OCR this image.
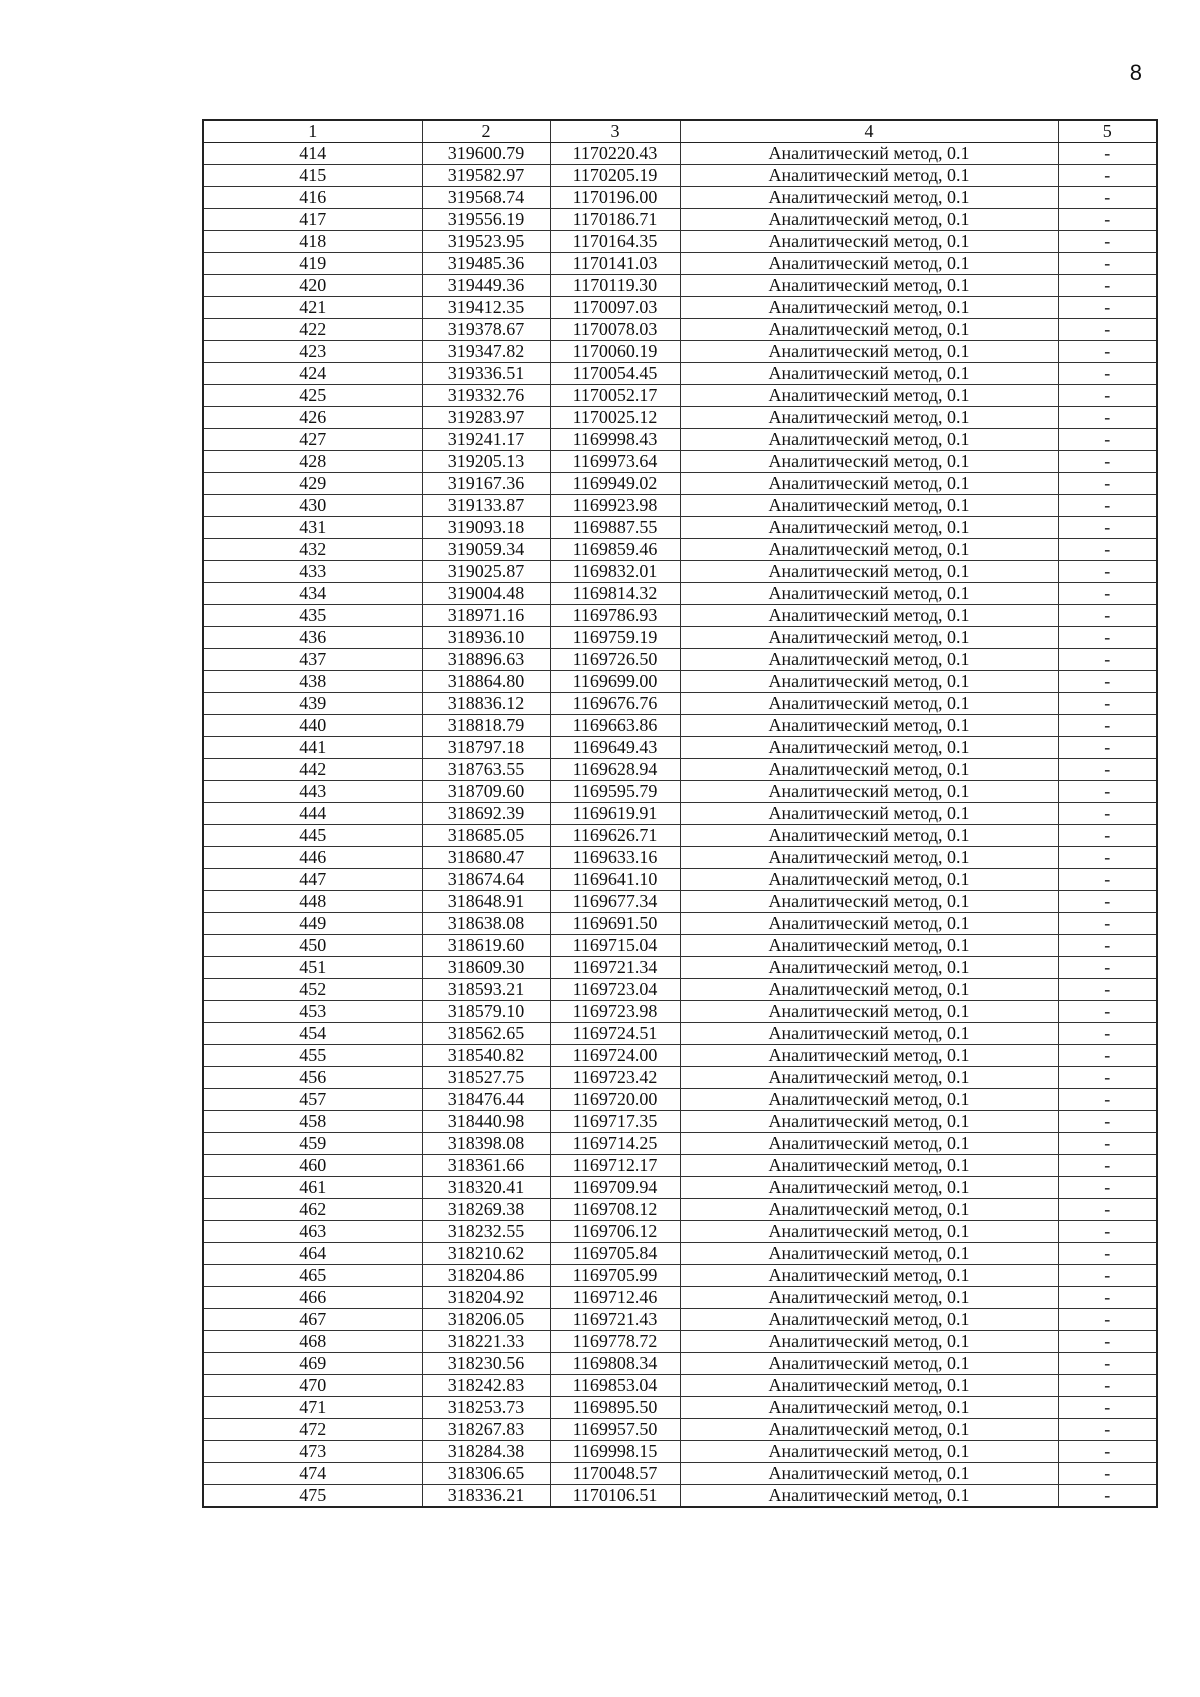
8
1	2	3	4	5
414	319600.79	1170220.43	Аналитический метод, 0.1	-
415	319582.97	1170205.19	Аналитический метод, 0.1	-
416	319568.74	1170196.00	Аналитический метод, 0.1	-
417	319556.19	1170186.71	Аналитический метод, 0.1	-
418	319523.95	1170164.35	Аналитический метод, 0.1	-
419	319485.36	1170141.03	Аналитический метод, 0.1	-
420	319449.36	1170119.30	Аналитический метод, 0.1	-
421	319412.35	1170097.03	Аналитический метод, 0.1	-
422	319378.67	1170078.03	Аналитический метод, 0.1	-
423	319347.82	1170060.19	Аналитический метод, 0.1	-
424	319336.51	1170054.45	Аналитический метод, 0.1	-
425	319332.76	1170052.17	Аналитический метод, 0.1	-
426	319283.97	1170025.12	Аналитический метод, 0.1	-
427	319241.17	1169998.43	Аналитический метод, 0.1	-
428	319205.13	1169973.64	Аналитический метод, 0.1	-
429	319167.36	1169949.02	Аналитический метод, 0.1	-
430	319133.87	1169923.98	Аналитический метод, 0.1	-
431	319093.18	1169887.55	Аналитический метод, 0.1	-
432	319059.34	1169859.46	Аналитический метод, 0.1	-
433	319025.87	1169832.01	Аналитический метод, 0.1	-
434	319004.48	1169814.32	Аналитический метод, 0.1	-
435	318971.16	1169786.93	Аналитический метод, 0.1	-
436	318936.10	1169759.19	Аналитический метод, 0.1	-
437	318896.63	1169726.50	Аналитический метод, 0.1	-
438	318864.80	1169699.00	Аналитический метод, 0.1	-
439	318836.12	1169676.76	Аналитический метод, 0.1	-
440	318818.79	1169663.86	Аналитический метод, 0.1	-
441	318797.18	1169649.43	Аналитический метод, 0.1	-
442	318763.55	1169628.94	Аналитический метод, 0.1	-
443	318709.60	1169595.79	Аналитический метод, 0.1	-
444	318692.39	1169619.91	Аналитический метод, 0.1	-
445	318685.05	1169626.71	Аналитический метод, 0.1	-
446	318680.47	1169633.16	Аналитический метод, 0.1	-
447	318674.64	1169641.10	Аналитический метод, 0.1	-
448	318648.91	1169677.34	Аналитический метод, 0.1	-
449	318638.08	1169691.50	Аналитический метод, 0.1	-
450	318619.60	1169715.04	Аналитический метод, 0.1	-
451	318609.30	1169721.34	Аналитический метод, 0.1	-
452	318593.21	1169723.04	Аналитический метод, 0.1	-
453	318579.10	1169723.98	Аналитический метод, 0.1	-
454	318562.65	1169724.51	Аналитический метод, 0.1	-
455	318540.82	1169724.00	Аналитический метод, 0.1	-
456	318527.75	1169723.42	Аналитический метод, 0.1	-
457	318476.44	1169720.00	Аналитический метод, 0.1	-
458	318440.98	1169717.35	Аналитический метод, 0.1	-
459	318398.08	1169714.25	Аналитический метод, 0.1	-
460	318361.66	1169712.17	Аналитический метод, 0.1	-
461	318320.41	1169709.94	Аналитический метод, 0.1	-
462	318269.38	1169708.12	Аналитический метод, 0.1	-
463	318232.55	1169706.12	Аналитический метод, 0.1	-
464	318210.62	1169705.84	Аналитический метод, 0.1	-
465	318204.86	1169705.99	Аналитический метод, 0.1	-
466	318204.92	1169712.46	Аналитический метод, 0.1	-
467	318206.05	1169721.43	Аналитический метод, 0.1	-
468	318221.33	1169778.72	Аналитический метод, 0.1	-
469	318230.56	1169808.34	Аналитический метод, 0.1	-
470	318242.83	1169853.04	Аналитический метод, 0.1	-
471	318253.73	1169895.50	Аналитический метод, 0.1	-
472	318267.83	1169957.50	Аналитический метод, 0.1	-
473	318284.38	1169998.15	Аналитический метод, 0.1	-
474	318306.65	1170048.57	Аналитический метод, 0.1	-
475	318336.21	1170106.51	Аналитический метод, 0.1	-
